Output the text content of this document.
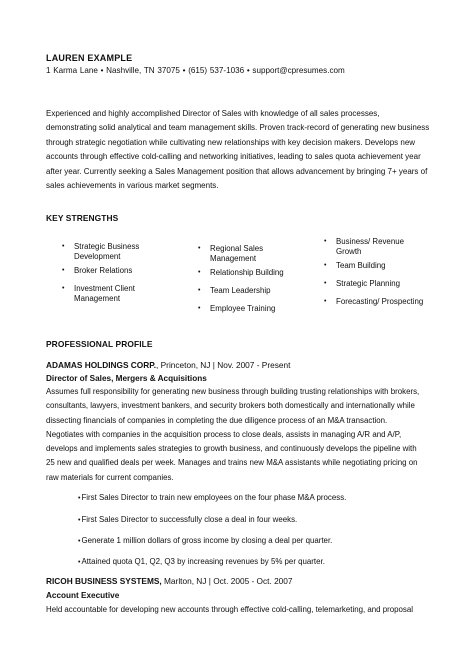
LAUREN EXAMPLE
1 Karma Lane • Nashville, TN 37075 • (615) 537-1036 • support@cpresumes.com
Experienced and highly accomplished Director of Sales with knowledge of all sales processes,
demonstrating solid analytical and team management skills. Proven track-record of generating new business
through strategic negotiation while cultivating new relationships with key decision makers. Develops new
accounts through effective cold-calling and networking initiatives, leading to sales quota achievement year
after year. Currently seeking a Sales Management position that allows advancement by bringing 7+ years of
sales achievements in various market segments.
KEY STRENGTHS
• Strategic Business
Development
• Broker Relations
• Investment Client
Management
• Regional Sales
Management
• Relationship Building
• Team Leadership
• Employee Training
• Business/ Revenue
Growth
• Team Building
• Strategic Planning
• Forecasting/ Prospecting
PROFESSIONAL PROFILE
ADAMAS HOLDINGS CORP., Princeton, NJ | Nov. 2007 - Present
Director of Sales, Mergers & Acquisitions
Assumes full responsibility for generating new business through building trusting relationships with brokers,
consultants, lawyers, investment bankers, and security brokers both domestically and internationally while
dissecting financials of companies in completing the due diligence process of an M&A transaction.
Negotiates with companies in the acquisition process to close deals, assists in managing A/R and A/P,
develops and implements sales strategies to growth business, and continuously develops the pipeline with
25 new and qualified deals per week. Manages and trains new M&A assistants while negotiating pricing on
raw materials for current companies.
•First Sales Director to train new employees on the four phase M&A process.
•First Sales Director to successfully close a deal in four weeks.
•Generate 1 million dollars of gross income by closing a deal per quarter.
•Attained quota Q1, Q2, Q3 by increasing revenues by 5% per quarter.
RICOH BUSINESS SYSTEMS, Marlton, NJ | Oct. 2005 - Oct. 2007
Account Executive
Held accountable for developing new accounts through effective cold-calling, telemarketing, and proposal
